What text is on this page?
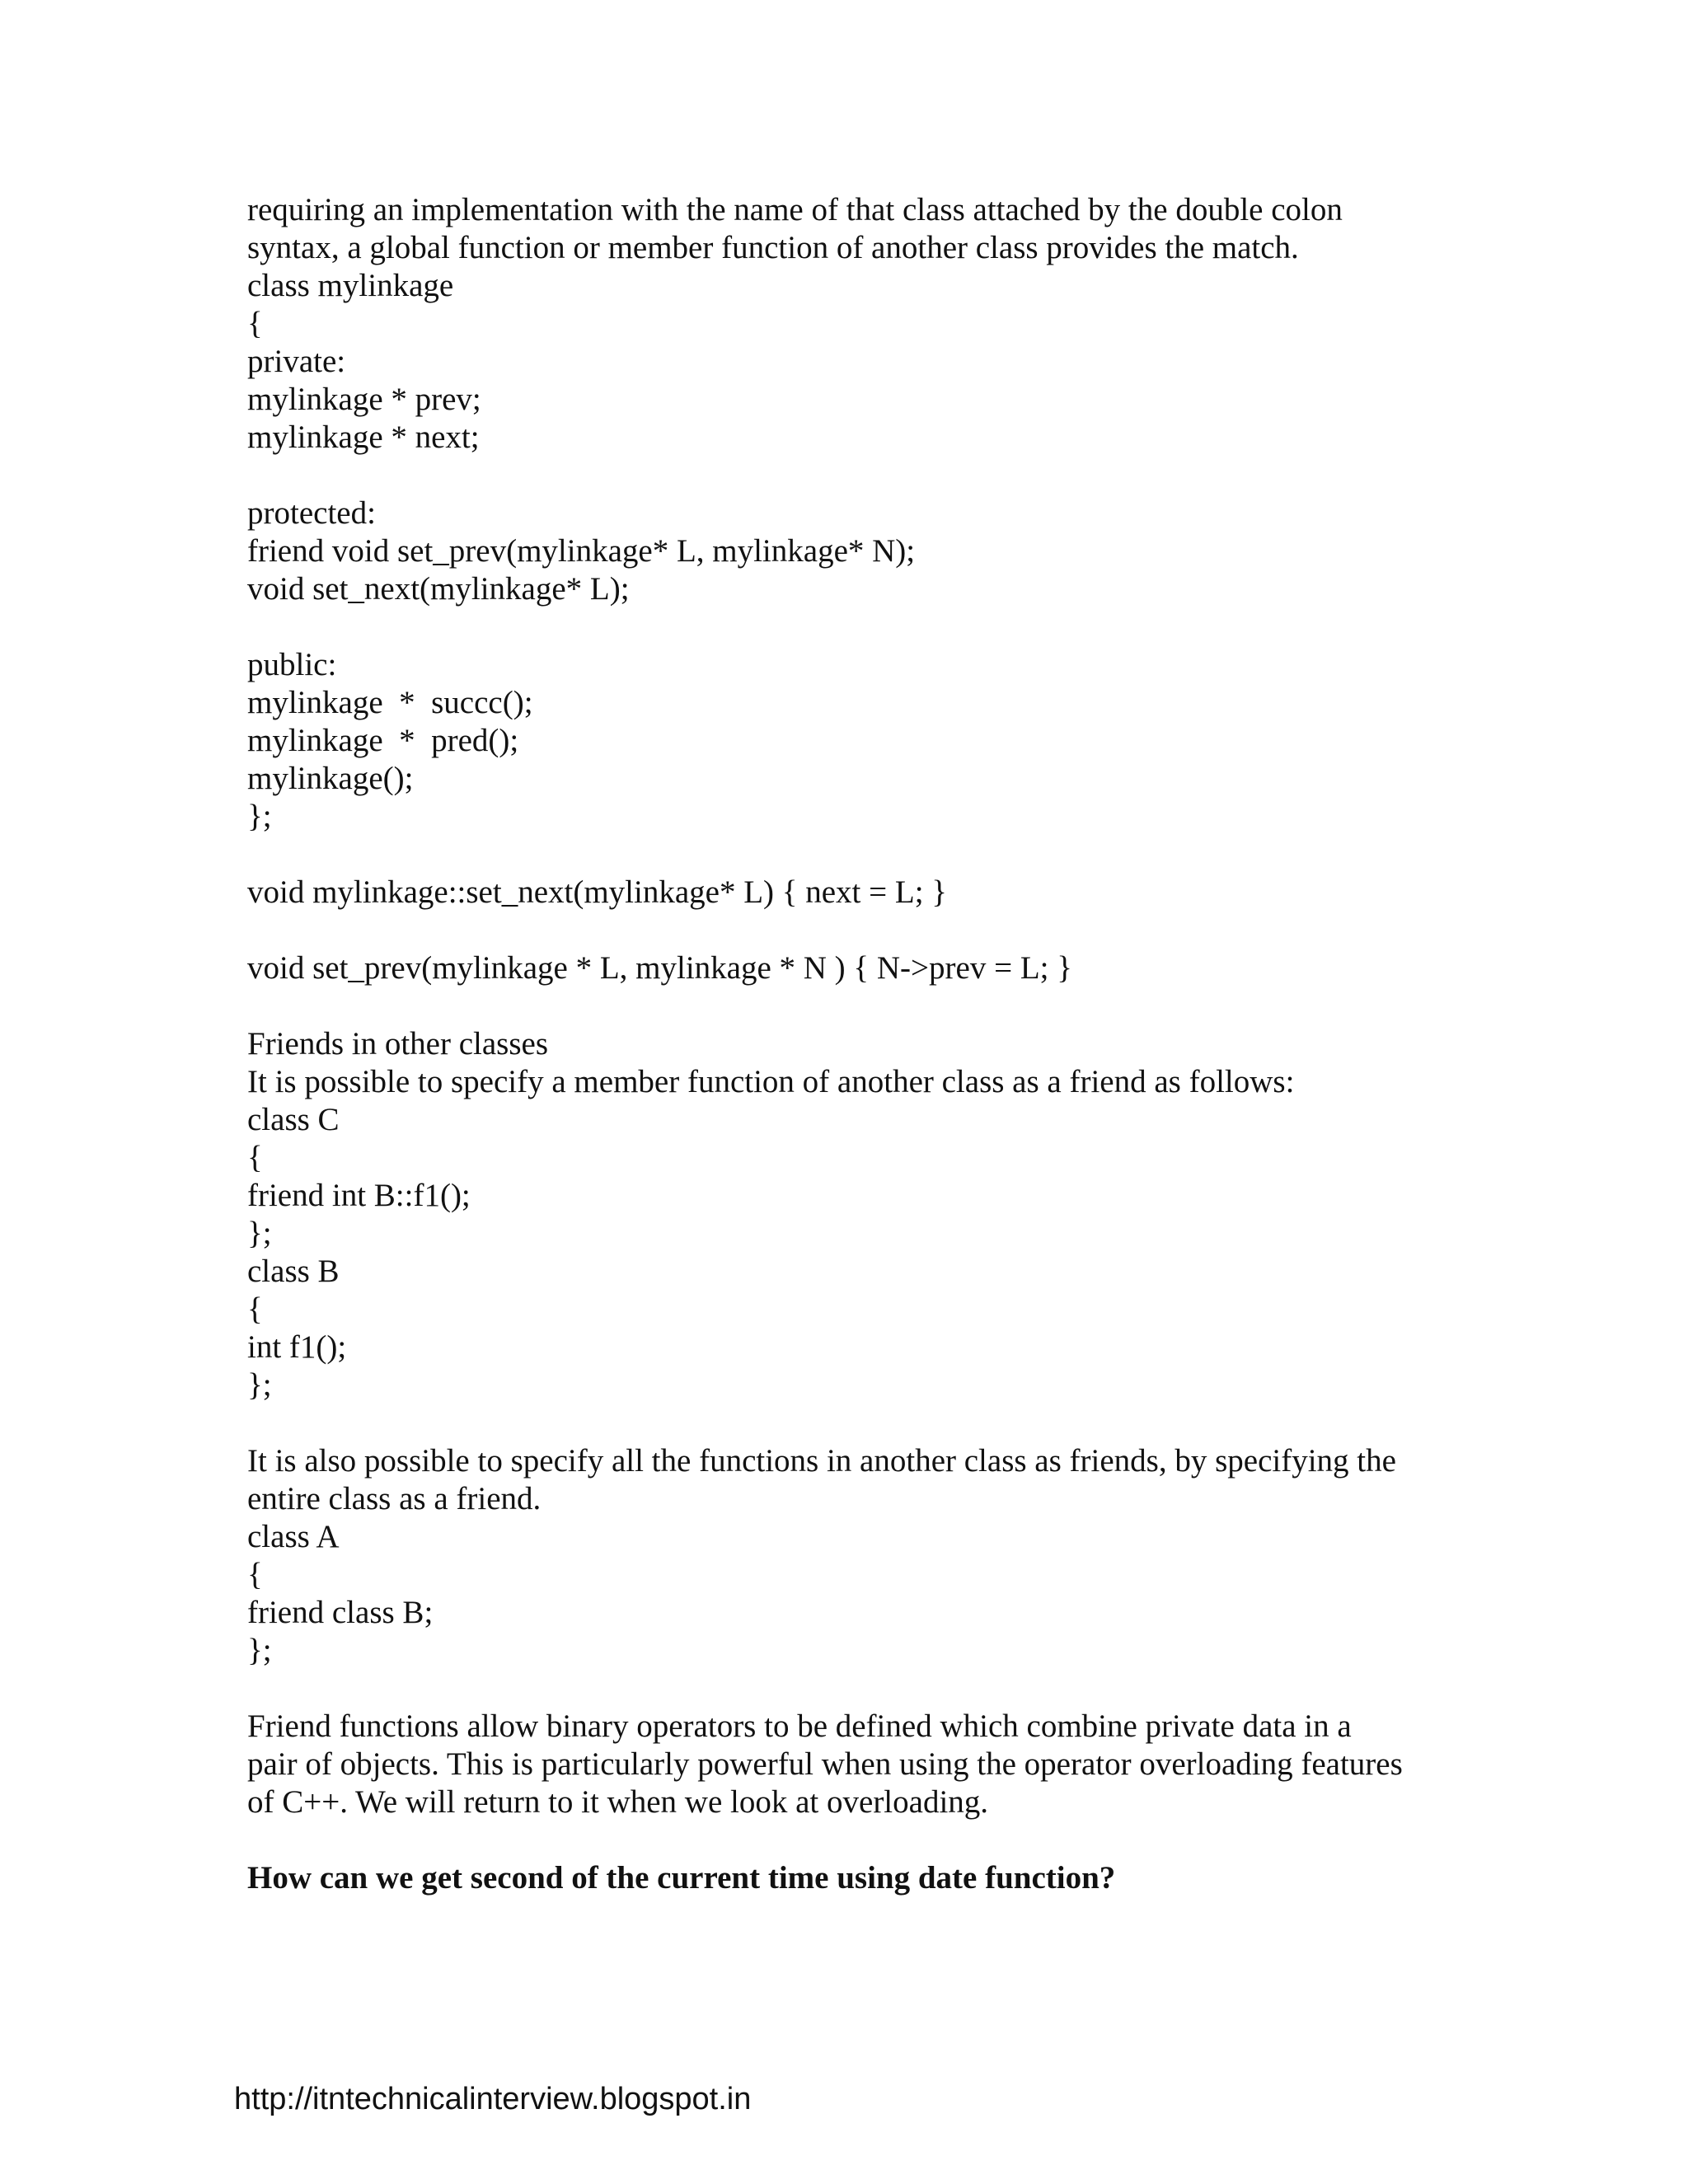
requiring an implementation with the name of that class attached by the double colon
syntax, a global function or member function of another class provides the match.
class mylinkage
{
private:
mylinkage * prev;
mylinkage * next;
protected:
friend void set_prev(mylinkage* L, mylinkage* N);
void set_next(mylinkage* L);
public:
mylinkage  *  succc();
mylinkage  *  pred();
mylinkage();
};
void mylinkage::set_next(mylinkage* L) { next = L; }
void set_prev(mylinkage * L, mylinkage * N ) { N->prev = L; }
Friends in other classes
It is possible to specify a member function of another class as a friend as follows:
class C
{
friend int B::f1();
};
class B
{
int f1();
};
It is also possible to specify all the functions in another class as friends, by specifying the
entire class as a friend.
class A
{
friend class B;
};
Friend functions allow binary operators to be defined which combine private data in a
pair of objects. This is particularly powerful when using the operator overloading features
of C++. We will return to it when we look at overloading.
How can we get second of the current time using date function?
http://itntechnicalinterview.blogspot.in
